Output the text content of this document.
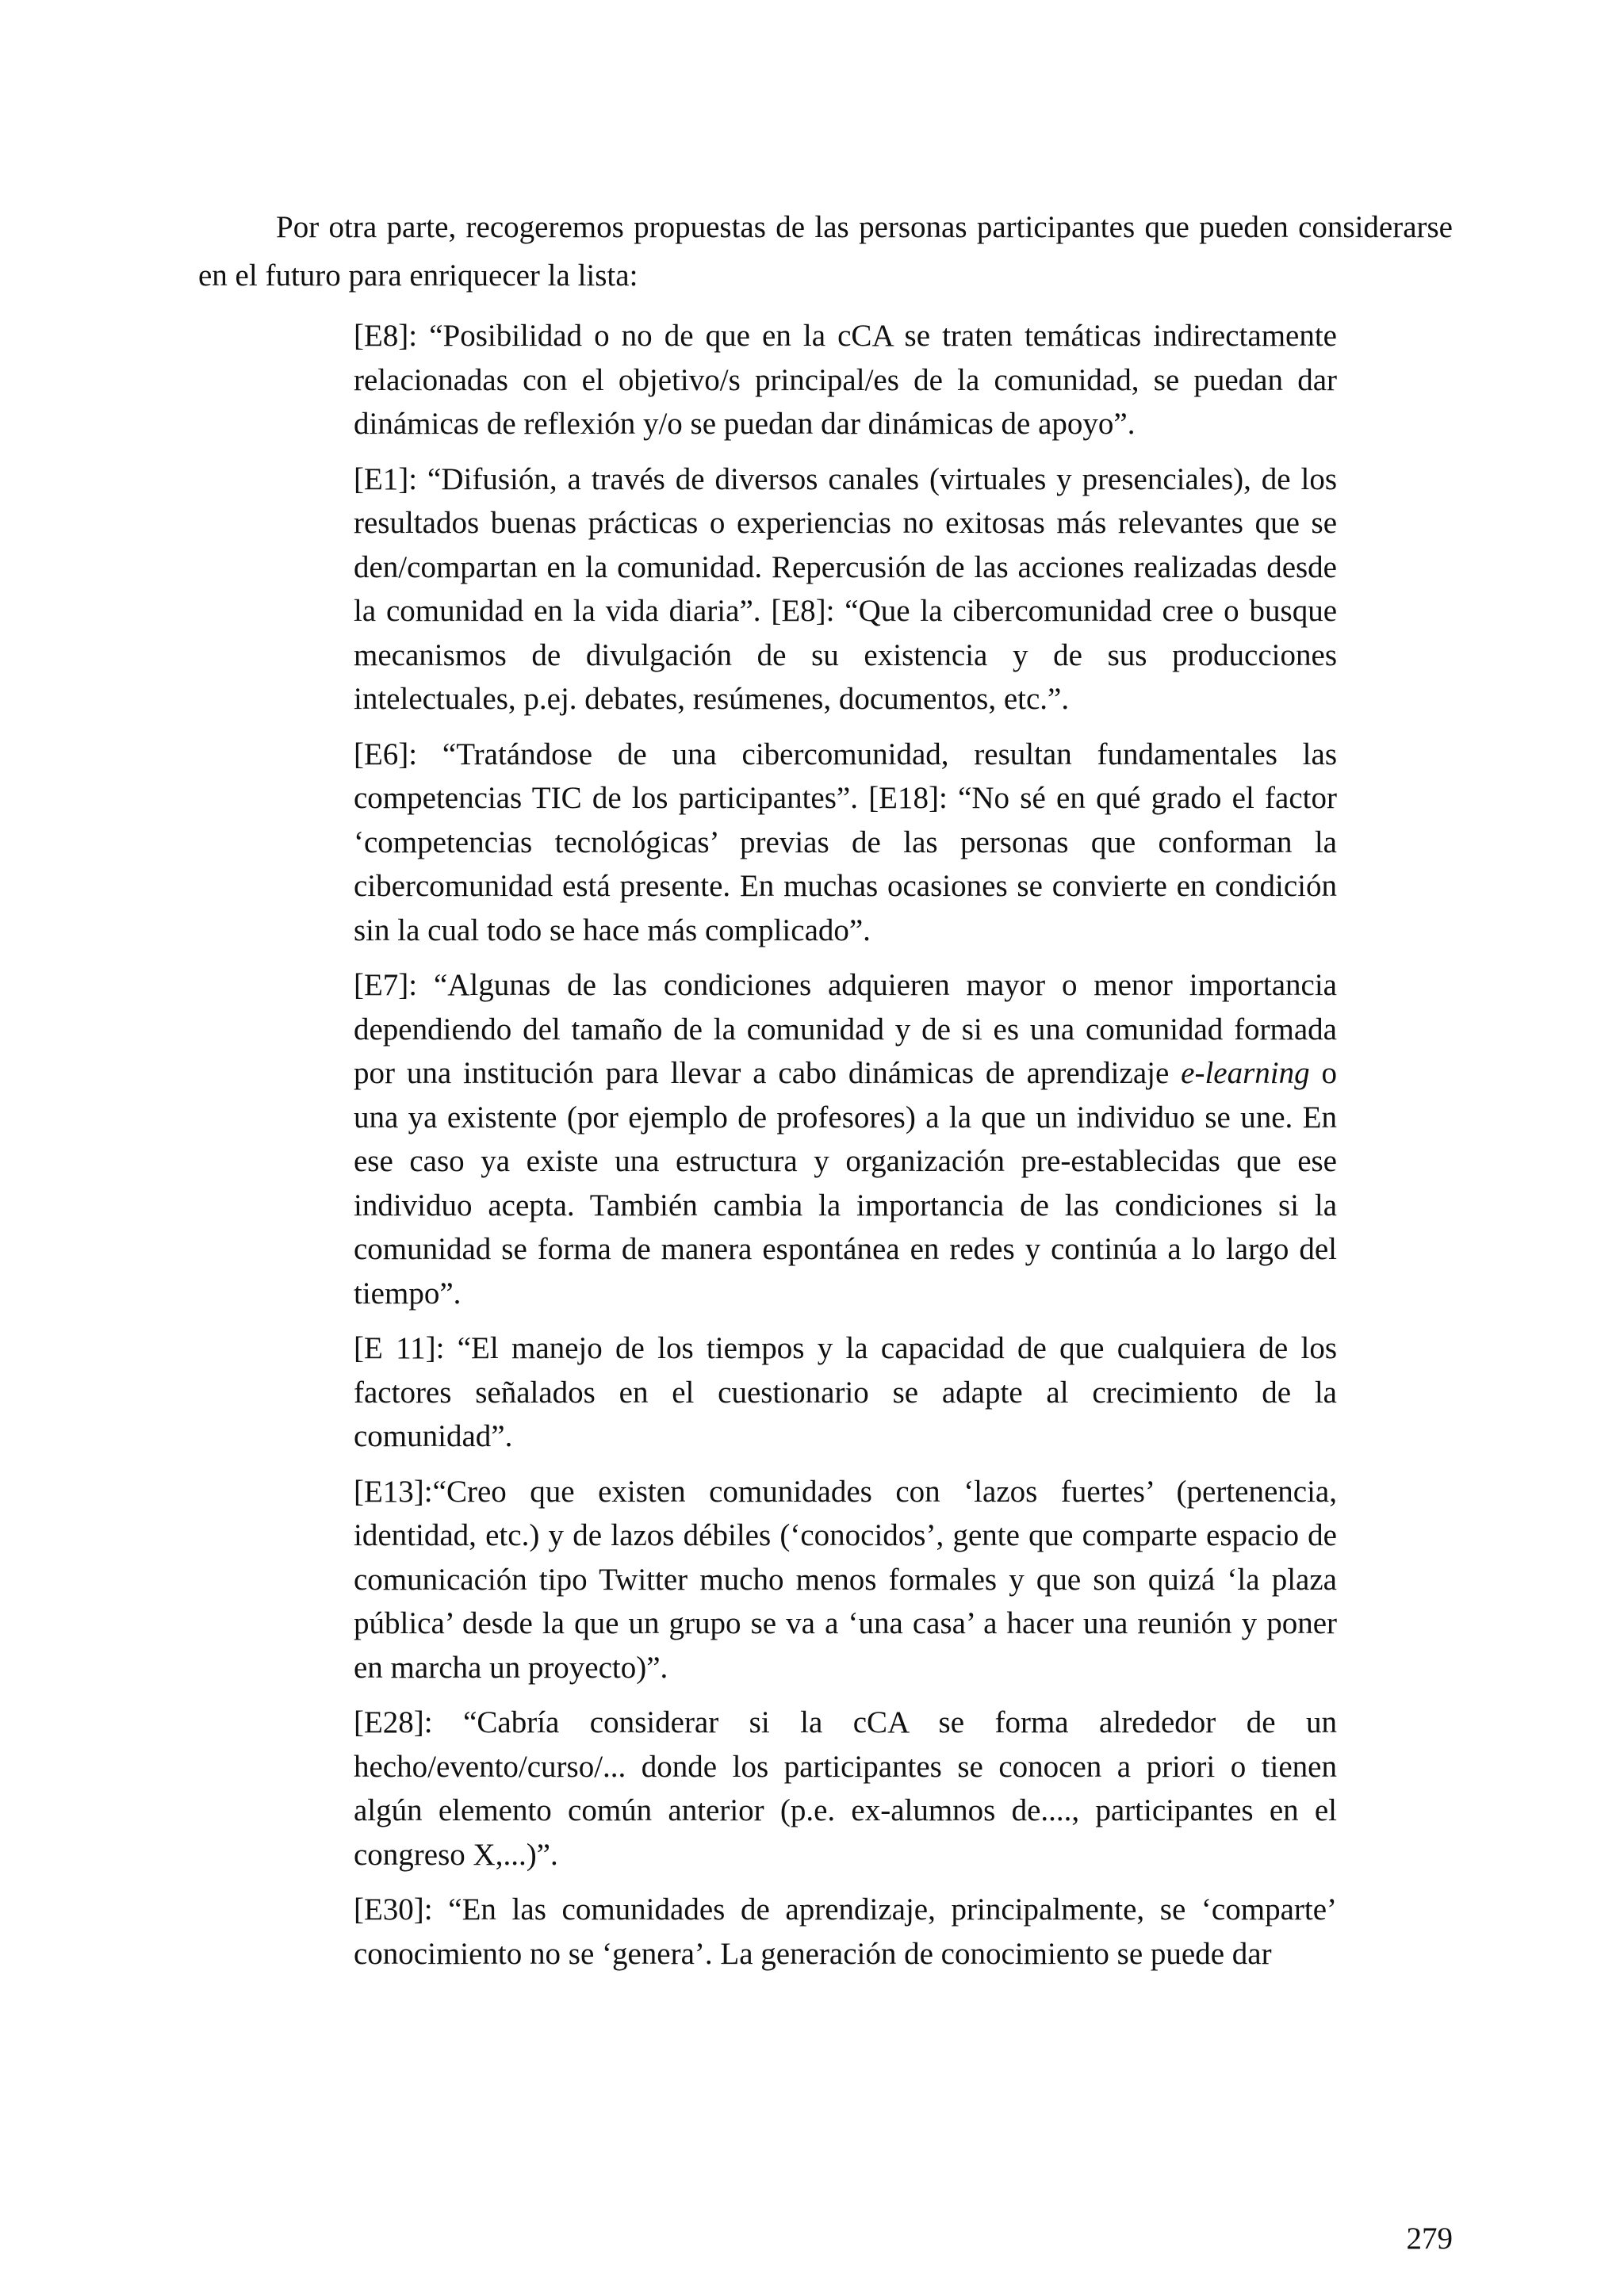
Por otra parte, recogeremos propuestas de las personas participantes que pueden considerarse en el futuro para enriquecer la lista:

[E8]: “Posibilidad o no de que en la cCA se traten temáticas indirectamente relacionadas con el objetivo/s principal/es de la comunidad, se puedan dar dinámicas de reflexión y/o se puedan dar dinámicas de apoyo”.

[E1]: “Difusión, a través de diversos canales (virtuales y presenciales), de los resultados buenas prácticas o experiencias no exitosas más relevantes que se den/compartan en la comunidad. Repercusión de las acciones realizadas desde la comunidad en la vida diaria”. [E8]: “Que la cibercomunidad cree o busque mecanismos de divulgación de su existencia y de sus producciones intelectuales, p.ej. debates, resúmenes, documentos, etc.”.

[E6]: “Tratándose de una cibercomunidad, resultan fundamentales las competencias TIC de los participantes”. [E18]: “No sé en qué grado el factor ‘competencias tecnológicas’ previas de las personas que conforman la cibercomunidad está presente. En muchas ocasiones se convierte en condición sin la cual todo se hace más complicado”.

[E7]: “Algunas de las condiciones adquieren mayor o menor importancia dependiendo del tamaño de la comunidad y de si es una comunidad formada por una institución para llevar a cabo dinámicas de aprendizaje e-learning o una ya existente (por ejemplo de profesores) a la que un individuo se une. En ese caso ya existe una estructura y organización pre-establecidas que ese individuo acepta. También cambia la importancia de las condiciones si la comunidad se forma de manera espontánea en redes y continúa a lo largo del tiempo”.

[E 11]: “El manejo de los tiempos y la capacidad de que cualquiera de los factores señalados en el cuestionario se adapte al crecimiento de la comunidad”.

[E13]:“Creo que existen comunidades con ‘lazos fuertes’ (pertenencia, identidad, etc.) y de lazos débiles (‘conocidos’, gente que comparte espacio de comunicación tipo Twitter mucho menos formales y que son quizá ‘la plaza pública’ desde la que un grupo se va a ‘una casa’ a hacer una reunión y poner en marcha un proyecto)”.

[E28]: “Cabría considerar si la cCA se forma alrededor de un hecho/evento/curso/... donde los participantes se conocen a priori o tienen algún elemento común anterior (p.e. ex-alumnos de...., participantes en el congreso X,...)”.

[E30]: “En las comunidades de aprendizaje, principalmente, se ‘comparte’ conocimiento no se ‘genera’. La generación de conocimiento se puede dar

279
